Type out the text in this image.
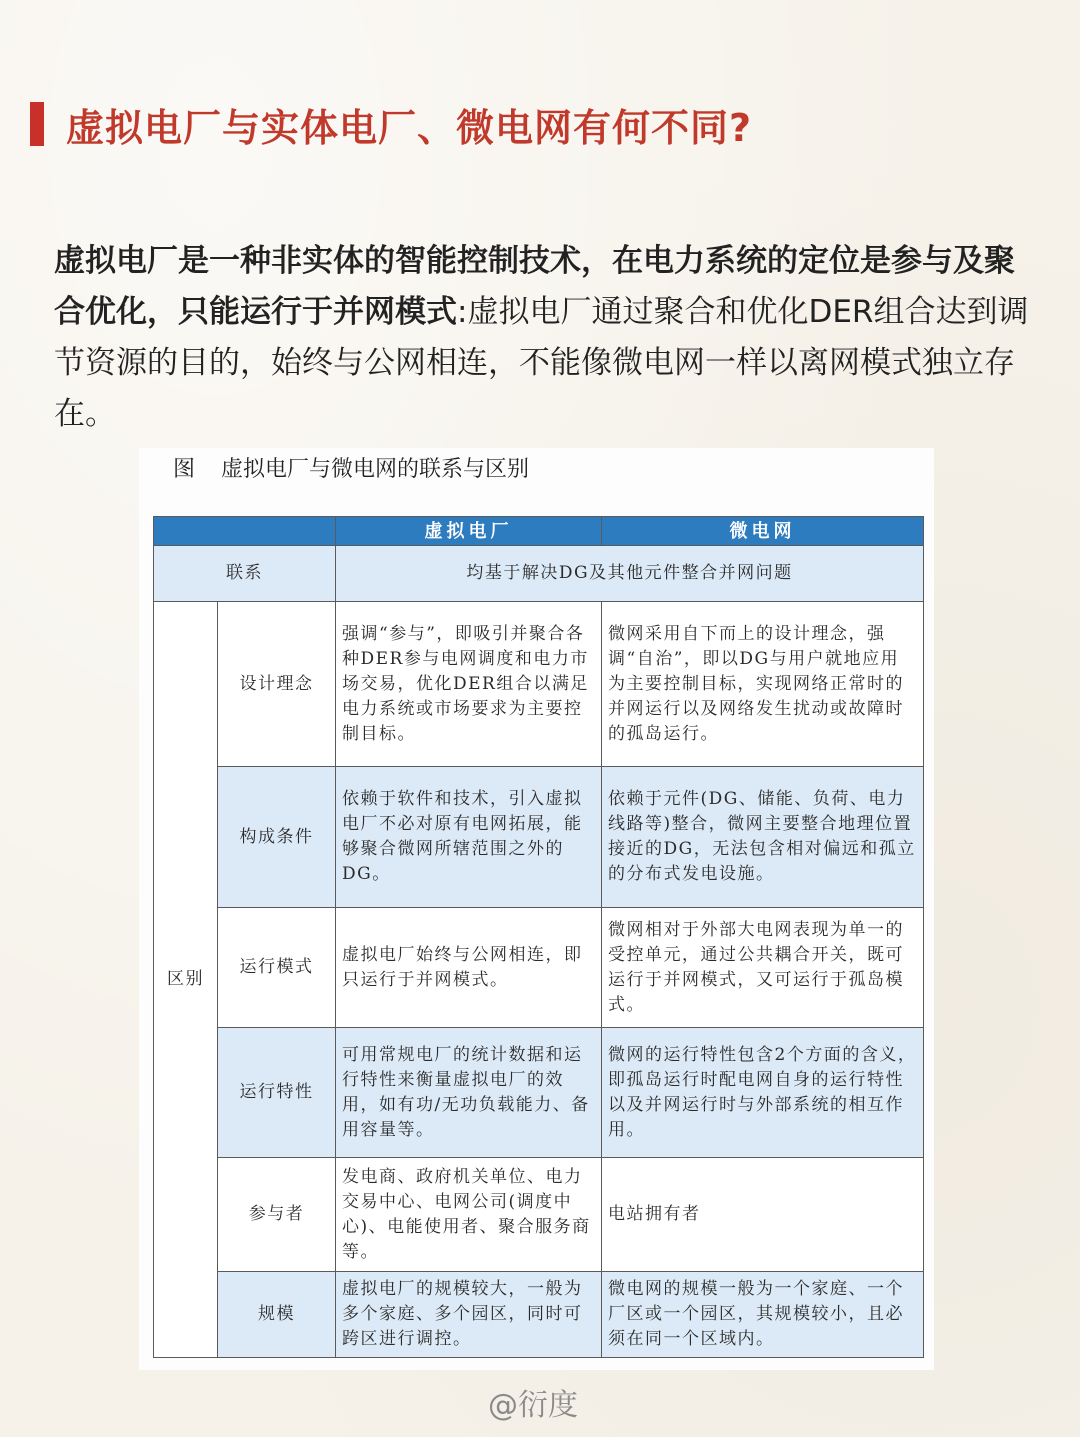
虚拟电厂与实体电厂、微电网有何不同?
虚拟电厂是一种非实体的智能控制技术，在电力系统的定位是参与及聚合优化，只能运行于并网模式:虚拟电厂通过聚合和优化DER组合达到调节资源的目的，始终与公网相连，不能像微电网一样以离网模式独立存在。
图 虚拟电厂与微电网的联系与区别
		虚拟电厂	微电网
联系		均基于解决DG及其他元件整合并网问题	
区别	设计理念	强调“参与”，即吸引并聚合各种DER参与电网调度和电力市场交易，优化DER组合以满足电力系统或市场要求为主要控制目标。	微网采用自下而上的设计理念，强调“自治”，即以DG与用户就地应用为主要控制目标，实现网络正常时的并网运行以及网络发生扰动或故障时的孤岛运行。
	构成条件	依赖于软件和技术，引入虚拟电厂不必对原有电网拓展，能够聚合微网所辖范围之外的DG。	依赖于元件(DG、储能、负荷、电力线路等)整合，微网主要整合地理位置接近的DG，无法包含相对偏远和孤立的分布式发电设施。
	运行模式	虚拟电厂始终与公网相连，即只运行于并网模式。	微网相对于外部大电网表现为单一的受控单元，通过公共耦合开关，既可运行于并网模式，又可运行于孤岛模式。
	运行特性	可用常规电厂的统计数据和运行特性来衡量虚拟电厂的效用，如有功/无功负载能力、备用容量等。	微网的运行特性包含2个方面的含义，即孤岛运行时配电网自身的运行特性以及并网运行时与外部系统的相互作用。
	参与者	发电商、政府机关单位、电力交易中心、电网公司(调度中心)、电能使用者、聚合服务商等。	电站拥有者
	规模	虚拟电厂的规模较大，一般为多个家庭、多个园区，同时可跨区进行调控。	微电网的规模一般为一个家庭、一个厂区或一个园区，其规模较小，且必须在同一个区域内。
@衍度
